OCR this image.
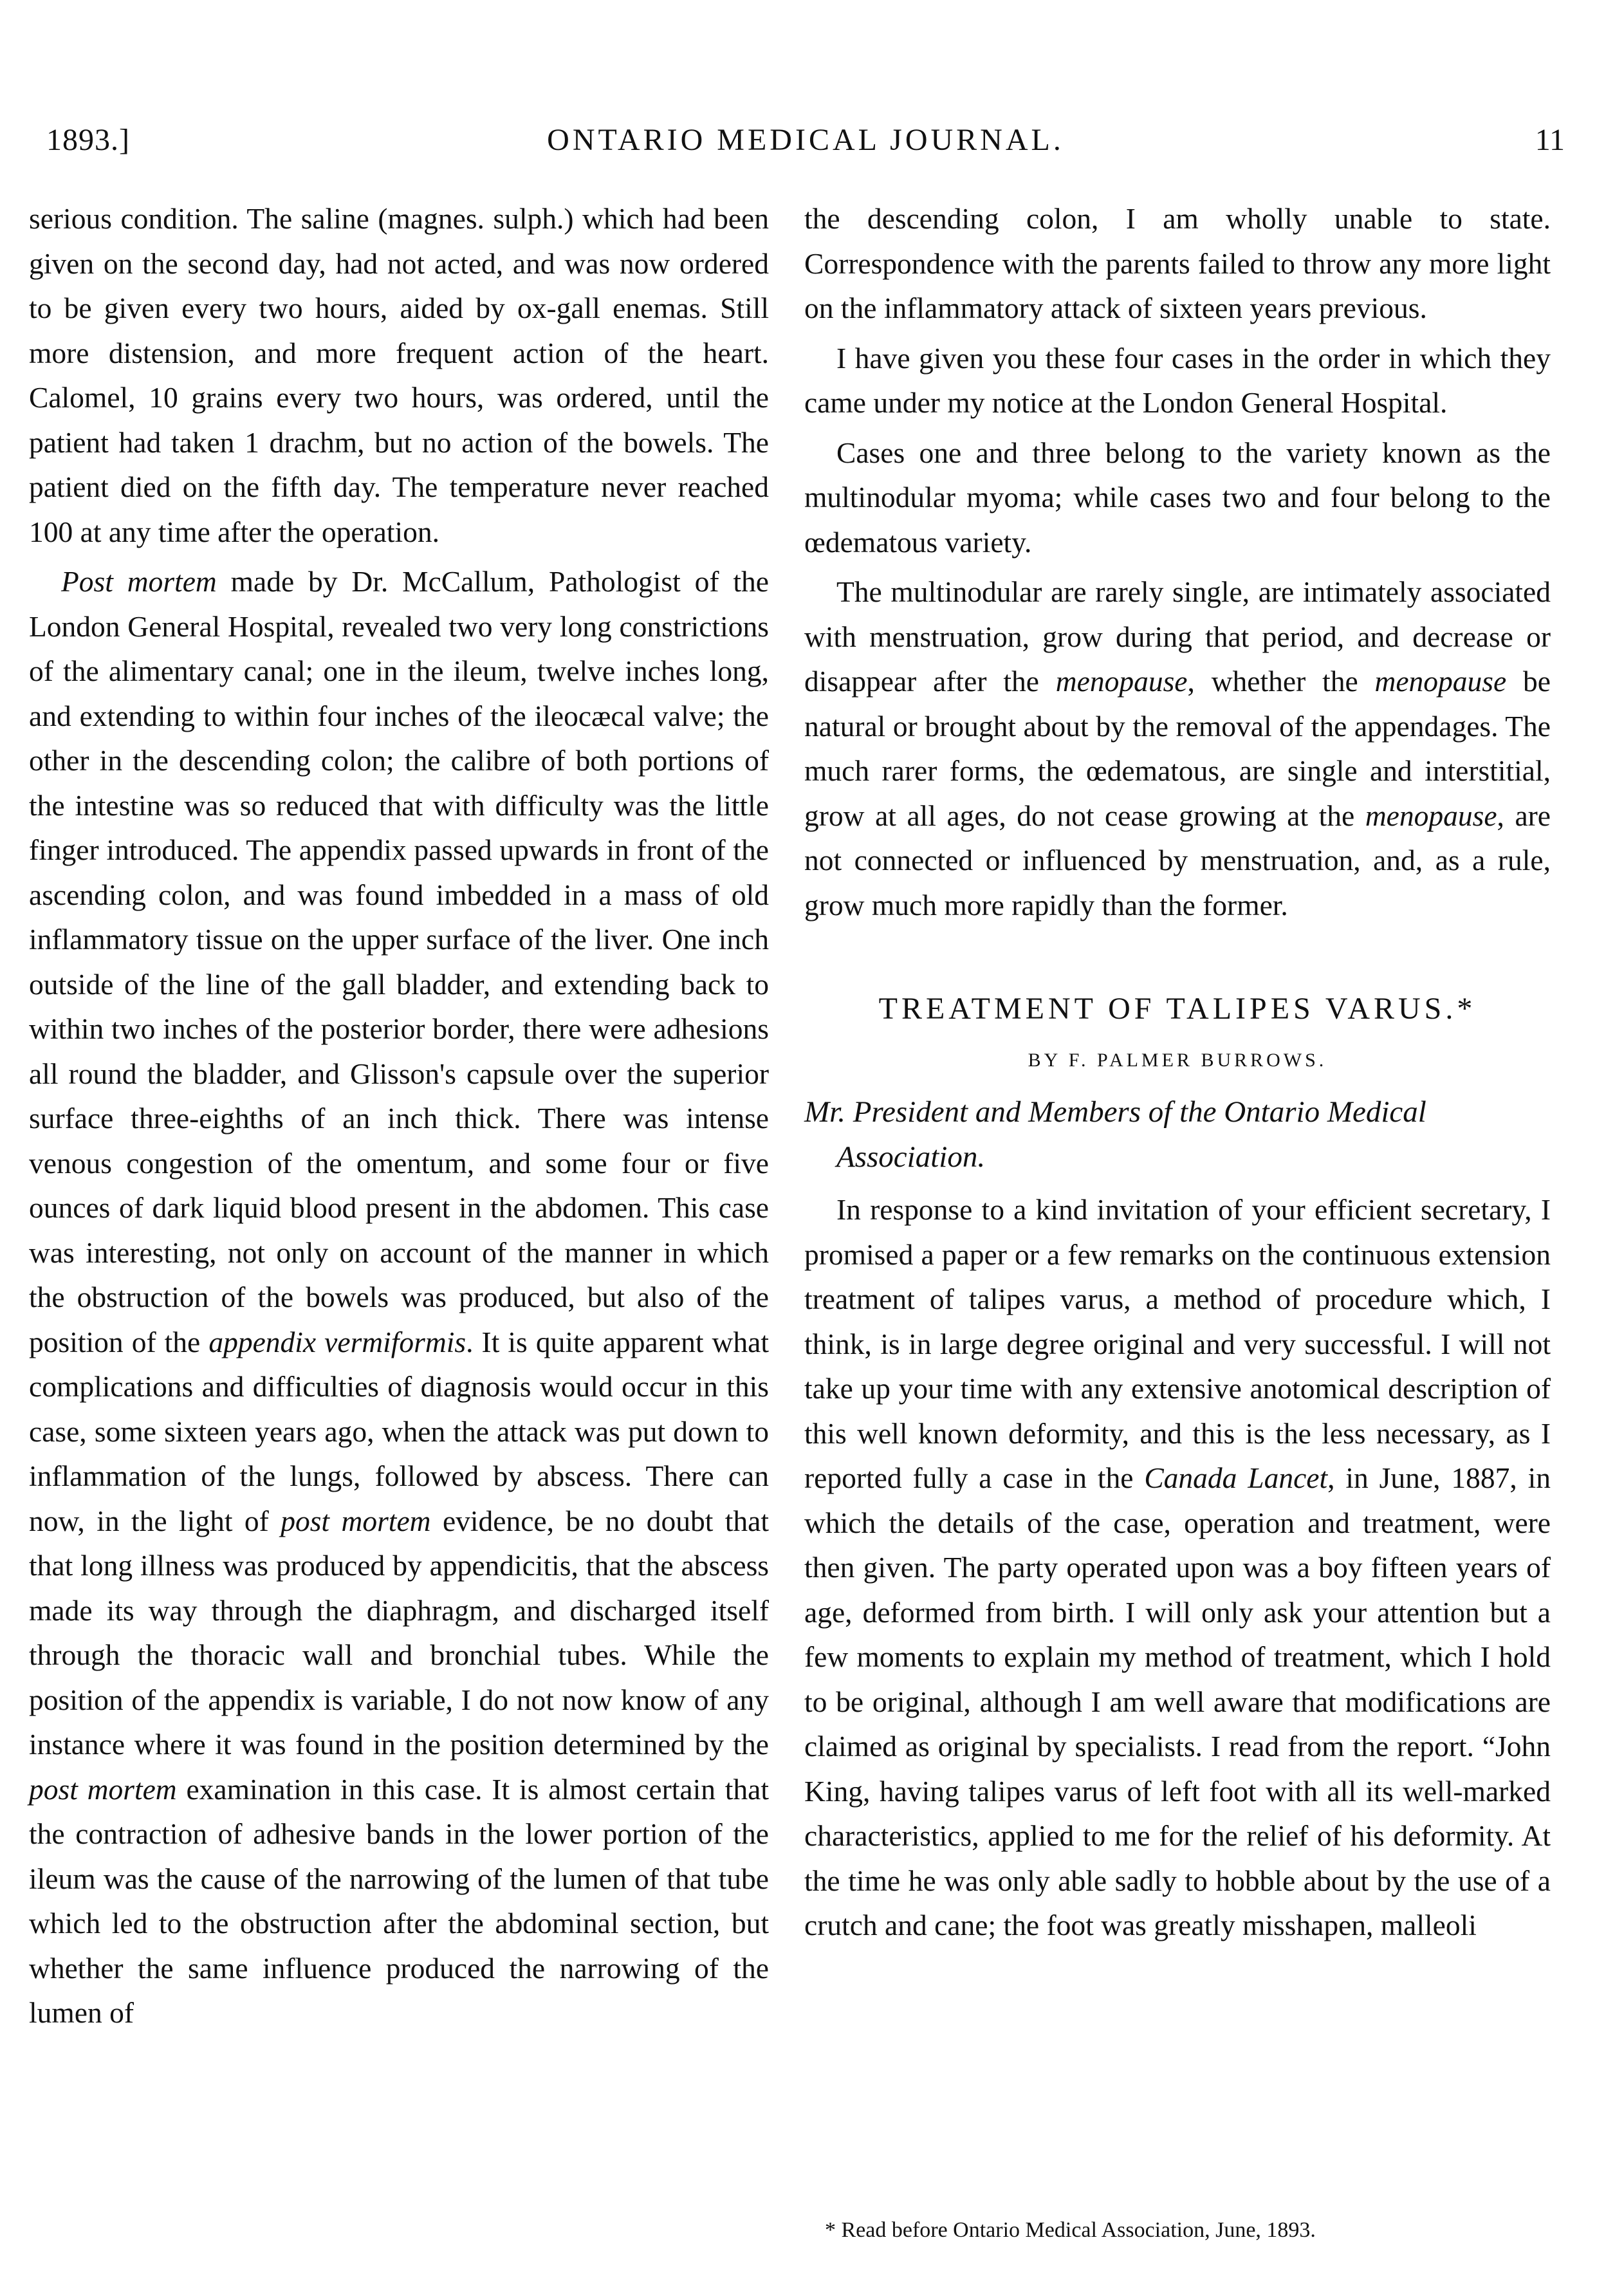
1893.]	ONTARIO MEDICAL JOURNAL.	11

serious condition. The saline (magnes. sulph.) which had been given on the second day, had not acted, and was now ordered to be given every two hours, aided by ox-gall enemas. Still more distension, and more frequent action of the heart. Calomel, 10 grains every two hours, was ordered, until the patient had taken 1 drachm, but no action of the bowels. The patient died on the fifth day. The temperature never reached 100 at any time after the operation.

Post mortem made by Dr. McCallum, Pathologist of the London General Hospital, revealed two very long constrictions of the alimentary canal; one in the ileum, twelve inches long, and extending to within four inches of the ileocæcal valve; the other in the descending colon; the calibre of both portions of the intestine was so reduced that with difficulty was the little finger introduced. The appendix passed upwards in front of the ascending colon, and was found imbedded in a mass of old inflammatory tissue on the upper surface of the liver. One inch outside of the line of the gall bladder, and extending back to within two inches of the posterior border, there were adhesions all round the bladder, and Glisson's capsule over the superior surface three-eighths of an inch thick. There was intense venous congestion of the omentum, and some four or five ounces of dark liquid blood present in the abdomen. This case was interesting, not only on account of the manner in which the obstruction of the bowels was produced, but also of the position of the appendix vermiformis. It is quite apparent what complications and difficulties of diagnosis would occur in this case, some sixteen years ago, when the attack was put down to inflammation of the lungs, followed by abscess. There can now, in the light of post mortem evidence, be no doubt that that long illness was produced by appendicitis, that the abscess made its way through the diaphragm, and discharged itself through the thoracic wall and bronchial tubes. While the position of the appendix is variable, I do not now know of any instance where it was found in the position determined by the post mortem examination in this case. It is almost certain that the contraction of adhesive bands in the lower portion of the ileum was the cause of the narrowing of the lumen of that tube which led to the obstruction after the abdominal section, but whether the same influence produced the narrowing of the lumen of

the descending colon, I am wholly unable to state. Correspondence with the parents failed to throw any more light on the inflammatory attack of sixteen years previous.

I have given you these four cases in the order in which they came under my notice at the London General Hospital.

Cases one and three belong to the variety known as the multinodular myoma; while cases two and four belong to the œdematous variety.

The multinodular are rarely single, are intimately associated with menstruation, grow during that period, and decrease or disappear after the menopause, whether the menopause be natural or brought about by the removal of the appendages. The much rarer forms, the œdematous, are single and interstitial, grow at all ages, do not cease growing at the menopause, are not connected or influenced by menstruation, and, as a rule, grow much more rapidly than the former.

TREATMENT OF TALIPES VARUS.*
BY F. PALMER BURROWS.
Mr. President and Members of the Ontario Medical Association.

In response to a kind invitation of your efficient secretary, I promised a paper or a few remarks on the continuous extension treatment of talipes varus, a method of procedure which, I think, is in large degree original and very successful. I will not take up your time with any extensive anotomical description of this well known deformity, and this is the less necessary, as I reported fully a case in the Canada Lancet, in June, 1887, in which the details of the case, operation and treatment, were then given. The party operated upon was a boy fifteen years of age, deformed from birth. I will only ask your attention but a few moments to explain my method of treatment, which I hold to be original, although I am well aware that modifications are claimed as original by specialists. I read from the report. “John King, having talipes varus of left foot with all its well-marked characteristics, applied to me for the relief of his deformity. At the time he was only able sadly to hobble about by the use of a crutch and cane; the foot was greatly misshapen, malleoli

* Read before Ontario Medical Association, June, 1893.
